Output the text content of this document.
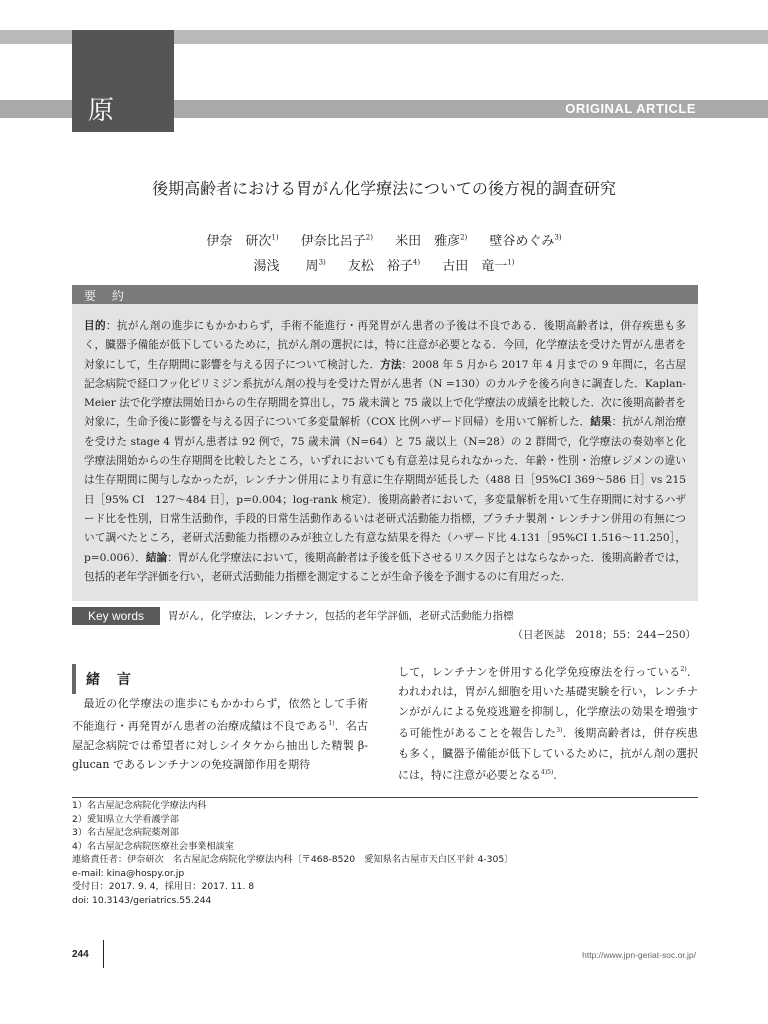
原 著
ORIGINAL ARTICLE
後期高齢者における胃がん化学療法についての後方視的調査研究
伊奈　研次$^{1)}$ 伊奈比呂子$^{2)}$ 米田　雅彦$^{2)}$ 壁谷めぐみ$^{3)}$
湯浅　　周$^{3)}$ 友松　裕子$^{4)}$ 古田　竜一$^{1)}$
要 約
目的：抗がん剤の進歩にもかかわらず，手術不能進行・再発胃がん患者の予後は不良である．後期高齢者は，併存疾患も多く，臓器予備能が低下しているために，抗がん剤の選択には，特に注意が必要となる．今回，化学療法を受けた胃がん患者を対象にして，生存期間に影響を与える因子について検討した．方法：2008 年 5 月から 2017 年 4 月までの 9 年間に，名古屋記念病院で経口フッ化ピリミジン系抗がん剤の投与を受けた胃がん患者（N =130）のカルテを後ろ向きに調査した．Kaplan-Meier 法で化学療法開始日からの生存期間を算出し，75 歳未満と 75 歳以上で化学療法の成績を比較した．次に後期高齢者を対象に，生命予後に影響を与える因子について多変量解析（COX 比例ハザード回帰）を用いて解析した．結果：抗がん剤治療を受けた stage 4 胃がん患者は 92 例で，75 歳未満（N=64）と 75 歳以上（N=28）の 2 群間で，化学療法の奏効率と化学療法開始からの生存期間を比較したところ，いずれにおいても有意差は見られなかった．年齢・性別・治療レジメンの違いは生存期間に関与しなかったが，レンチナン併用により有意に生存期間が延長した（488 日［95%CI 369〜586 日］vs 215 日［95% CI　127〜484 日］，p=0.004；log-rank 検定）．後期高齢者において，多変量解析を用いて生存期間に対するハザード比を性別，日常生活動作，手段的日常生活動作あるいは老研式活動能力指標，プラチナ製剤・レンチナン併用の有無について調べたところ，老研式活動能力指標のみが独立した有意な結果を得た（ハザード比 4.131［95%CI 1.516〜11.250］，p=0.006）．結論：胃がん化学療法において，後期高齢者は予後を低下させるリスク因子とはならなかった．後期高齢者では，包括的老年学評価を行い，老研式活動能力指標を測定することが生命予後を予測するのに有用だった．
Key words	胃がん，化学療法，レンチナン，包括的老年学評価，老研式活動能力指標
（日老医誌　2018；55：244−250）
緒 言
　最近の化学療法の進歩にもかかわらず，依然として手術不能進行・再発胃がん患者の治療成績は不良である$^{1)}$．名古屋記念病院では希望者に対しシイタケから抽出した精製 β-glucan であるレンチナンの免疫調節作用を期待
して，レンチナンを併用する化学免疫療法を行っている$^{2)}$．われわれは，胃がん細胞を用いた基礎実験を行い，レンチナンががんによる免疫逃避を抑制し，化学療法の効果を増強する可能性があることを報告した$^{3)}$．後期高齢者は，併存疾患も多く，臓器予備能が低下しているために，抗がん剤の選択には，特に注意が必要となる$^{4)5)}$．
1）名古屋記念病院化学療法内科
2）愛知県立大学看護学部
3）名古屋記念病院薬剤部
4）名古屋記念病院医療社会事業相談室
連絡責任者：伊奈研次　名古屋記念病院化学療法内科〔〒468-8520　愛知県名古屋市天白区平針 4-305〕
e-mail: kina@hospy.or.jp
受付日：2017. 9. 4，採用日：2017. 11. 8
doi: 10.3143/geriatrics.55.244
244	http://www.jpn-geriat-soc.or.jp/
